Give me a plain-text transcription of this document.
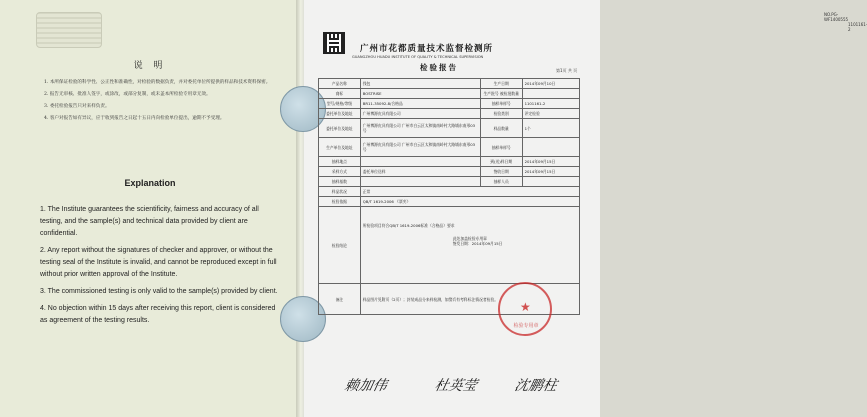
说 明
1. 本所保证检验的科学性、公正性和准确性，对检验的数据负责，并对委托单位所提供的样品和技术资料保密。
2. 报告无审核、批准人签字，或涂改，或部分复制，或未盖本所检验专用章无效。
3. 委托检验报告只对来样负责。
4. 客户对报告如有异议，应于收到报告之日起十五日内向检验单位提出，逾期不予受理。
Explanation
1. The Institute guarantees the scientificity, fairness and accuracy of all testing, and the sample(s) and technical data provided by client are confidential.
2. Any report without the signatures of checker and approver, or without the testing seal of the Institute is invalid, and cannot be reproduced except in full without prior written approval of the Institute.
3. The commissioned testing is only valid to the sample(s) provided by client.
4. No objection within 15 days after receiving this report, client is considered as agreement of the testing results.
NO.PG-WF1400555
1101161-2
广州市花都质量技术监督检测所
GUANGZHOU HUADU INSTITUTE OF QUALITY & TECHNICAL SUPERVISION
检验报告	第1页 共 页
产品名称	钱包	生产日期	2014年09月10日
商标	BOSTRISE	生产批号 被检批数量	
型号/规格/等级	BR11-35092-8/合格品	抽样单样号	1101161-2
委托单位及地址	广州博源皮具有限公司	检验类别	评定检验
委托单位及地址	广州博源皮具有限公司 广州市白云区太和镇南岭村大路埔东南形03号	样品数量	1个
生产单位及地址	广州博源皮具有限公司 广州市白云区太和镇南岭村大路埔东南形03号	抽样单样号	
抽样地点		到(送)样日期	2014年09月15日
采样方式	委托单位送样	签收日期	2014年09月15日
抽样基数		抽样人员	
样品状况	正常		
检验依据	QB/T 1619-2006 《票夹》		
检验结论	所检验项目符合QB/T 1619-2006标准（合格品）要求
此处加盖检验专用章
签发日期：2014年09月15日		

备注	样品图片见附页（2页）；封装成品分来样检测，如警兵有考科标注情况者检验。		
★
检验专用章
赖加伟	杜英莹 沈鹏柱
